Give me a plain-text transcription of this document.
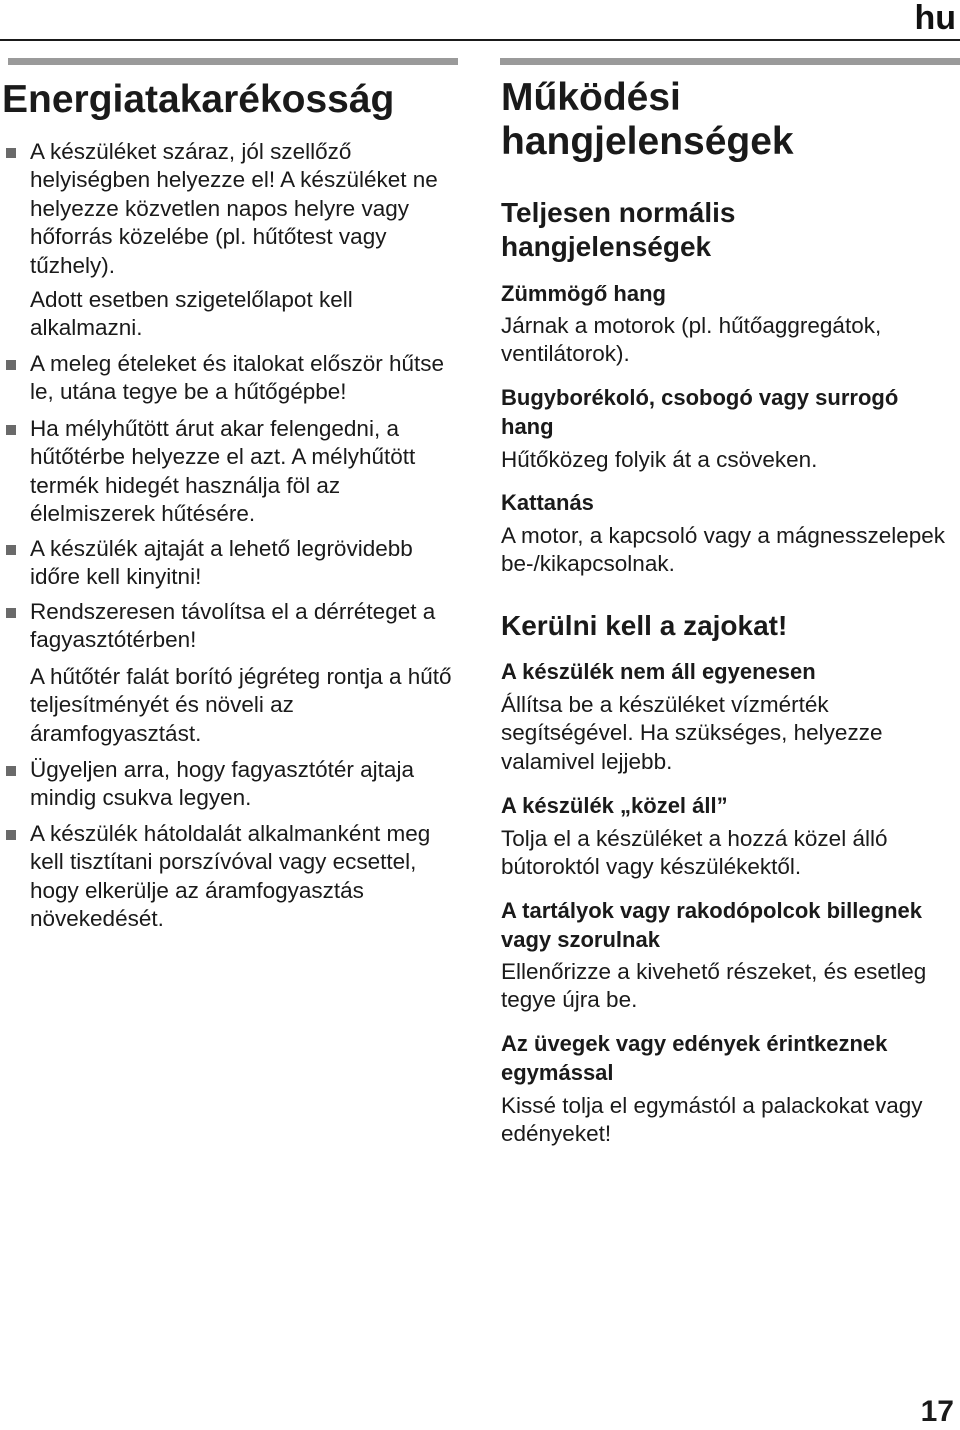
hu
Energiatakarékosság

A készüléket száraz, jól szellőző helyiségben helyezze el! A készüléket ne helyezze közvetlen napos helyre vagy hőforrás közelébe (pl. hűtőtest vagy tűzhely).

Adott esetben szigetelőlapot kell alkalmazni.

A meleg ételeket és italokat először hűtse le, utána tegye be a hűtőgépbe!

Ha mélyhűtött árut akar felengedni, a hűtőtérbe helyezze el azt. A mélyhűtött termék hidegét használja föl az élelmiszerek hűtésére.

A készülék ajtaját a lehető legrövidebb időre kell kinyitni!

Rendszeresen távolítsa el a dérréteget a fagyasztótérben!

A hűtőtér falát borító jégréteg rontja a hűtő teljesítményét és növeli az áramfogyasztást.

Ügyeljen arra, hogy fagyasztótér ajtaja mindig csukva legyen.

A készülék hátoldalát alkalmanként meg kell tisztítani porszívóval vagy ecsettel, hogy elkerülje az áramfogyasztás növekedését.

Működési hangjelenségek
Teljesen normális hangjelenségek
Zümmögő hang

Járnak a motorok (pl. hűtőaggregátok, ventilátorok).

Bugyborékoló, csobogó vagy surrogó hang

Hűtőközeg folyik át a csöveken.

Kattanás

A motor, a kapcsoló vagy a mágnesszelepek be-/kikapcsolnak.

Kerülni kell a zajokat!
A készülék nem áll egyenesen

Állítsa be a készüléket vízmérték segítségével. Ha szükséges, helyezze valamivel lejjebb.

A készülék „közel áll”

Tolja el a készüléket a hozzá közel álló bútoroktól vagy készülékektől.

A tartályok vagy rakodópolcok billegnek vagy szorulnak

Ellenőrizze a kivehető részeket, és esetleg tegye újra be.

Az üvegek vagy edények érintkeznek egymással

Kissé tolja el egymástól a palackokat vagy edényeket!

17
